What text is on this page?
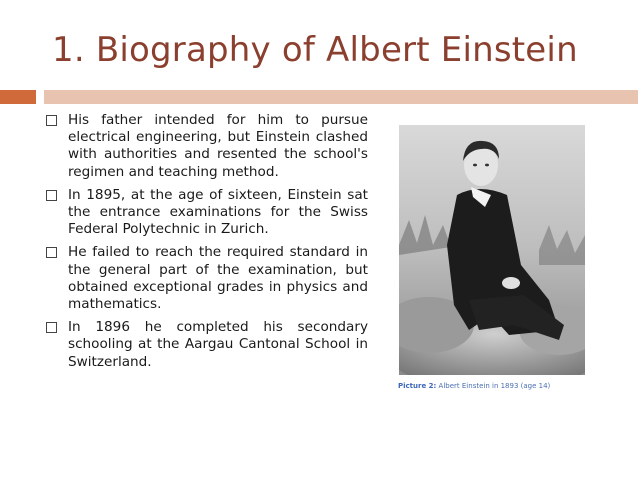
1. Biography of Albert Einstein
His father intended for him to pursue electrical engineering, but Einstein clashed with authorities and resented the school's regimen and teaching method.
In 1895, at the age of sixteen, Einstein sat the entrance examinations for the Swiss Federal Polytechnic in Zurich.
He failed to reach the required standard in the general part of the examination, but obtained exceptional grades in physics and mathematics.
In 1896 he completed his secondary schooling at the Aargau Cantonal School in Switzerland.
Picture 2: Albert Einstein in 1893 (age 14)
